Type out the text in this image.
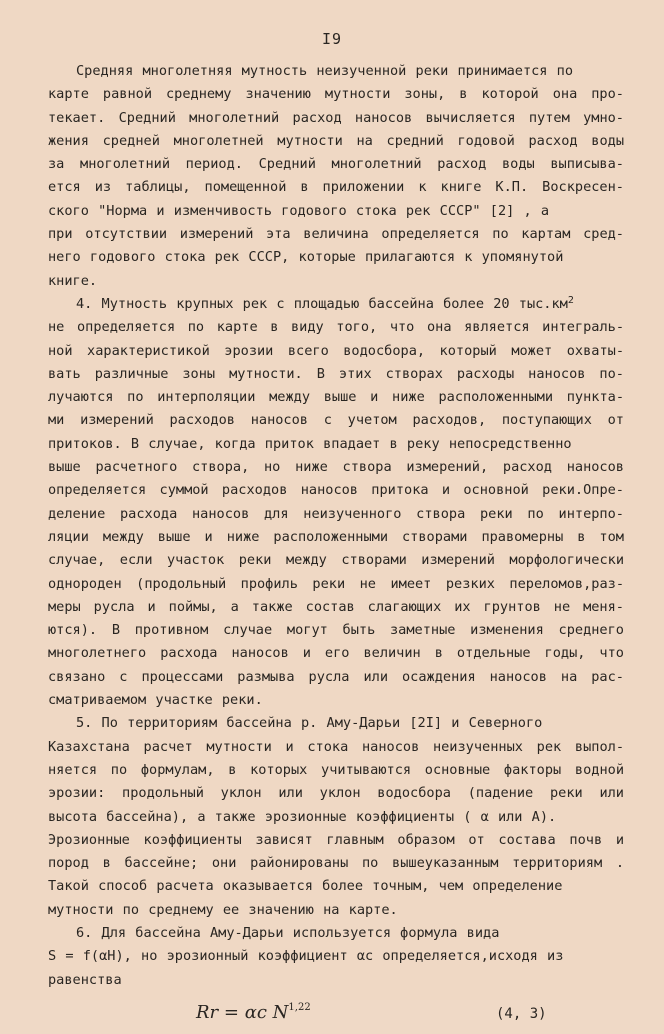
I9
Средняя многолетняя мутность неизученной реки принимается по
карте равной среднему значению мутности зоны, в которой она про-
текает. Средний многолетний расход наносов вычисляется путем умно-
жения средней многолетней мутности на средний годовой расход воды
за многолетний период. Средний многолетний расход воды выписыва-
ется из таблицы, помещенной в приложении к книге К.П. Воскресен-
ского "Норма и изменчивость годового стока рек СССР" [2] , а
при отсутствии измерений эта величина определяется по картам сред-
него годового стока рек СССР, которые прилагаются к упомянутой
книге.
4. Мутность крупных рек с площадью бассейна более 20 $тыс.км^2$
не определяется по карте в виду того, что она является интеграль-
ной характеристикой эрозии всего водосбора, который может охваты-
вать различные зоны мутности. В этих створах расходы наносов по-
лучаются по интерполяции между выше и ниже расположенными пункта-
ми измерений расходов наносов с учетом расходов, поступающих от
притоков. В случае, когда приток впадает в реку непосредственно
выше расчетного створа, но ниже створа измерений, расход наносов
определяется суммой расходов наносов притока и основной реки.Опре-
деление расхода наносов для неизученного створа реки по интерпо-
ляции между выше и ниже расположенными створами правомерны в том
случае, если участок реки между створами измерений морфологически
однороден (продольный профиль реки не имеет резких переломов,раз-
меры русла и поймы, а также состав слагающих их грунтов не меня-
ются). В противном случае могут быть заметные изменения среднего
многолетнего расхода наносов и его величин в отдельные годы, что
связано с процессами размыва русла или осаждения наносов на рас-
сматриваемом участке реки.
5. По территориям бассейна р. Аму-Дарьи [2I] и Северного
Казахстана расчет мутности и стока наносов неизученных рек выпол-
няется по формулам, в которых учитываются основные факторы водной
эрозии: продольный уклон или уклон водосбора (падение реки или
высота бассейна), а также эрозионные коэффициенты ( α или A).
Эрозионные коэффициенты зависят главным образом от состава почв и
пород в бассейне; они районированы по вышеуказанным территориям .
Такой способ расчета оказывается более точным, чем определение
мутности по среднему ее значению на карте.
6. Для бассейна Аму-Дарьи используется формула вида
S = f(αH), но эрозионный коэффициент αc определяется,исходя из
равенства
Rr = αc N$^{1,22}$	(4, 3)
